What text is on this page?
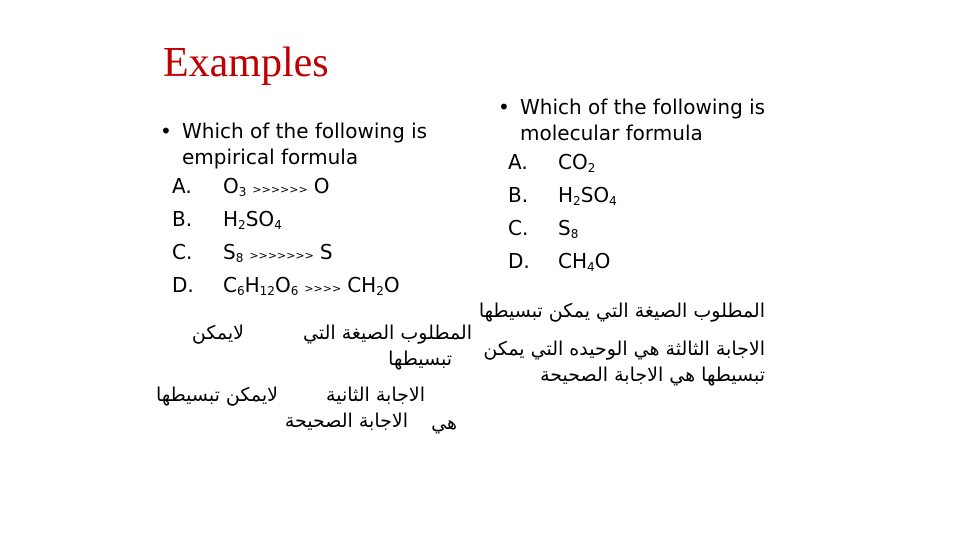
Examples
• Which of the following is
empirical formula
A.	$O_3$ >>>>>> O
B.	$H_2SO_4$
C.	$S_8$ >>>>>>> S
D.	$C_6H_{12}O_6$ >>>> $CH_2O$
المطلوب الصيغة التي
لايمكن
تبسيطها
الاجابة الثانية
لايمكن تبسيطها
هي
الاجابة الصحيحة
• Which of the following is
molecular formula
A.	$CO_2$
B.	$H_2SO_4$
C.	$S_8$
D.	$CH_4O$
المطلوب الصيغة التي يمكن تبسيطها
الاجابة الثالثة هي الوحيده التي يمكن
تبسيطها هي الاجابة الصحيحة
